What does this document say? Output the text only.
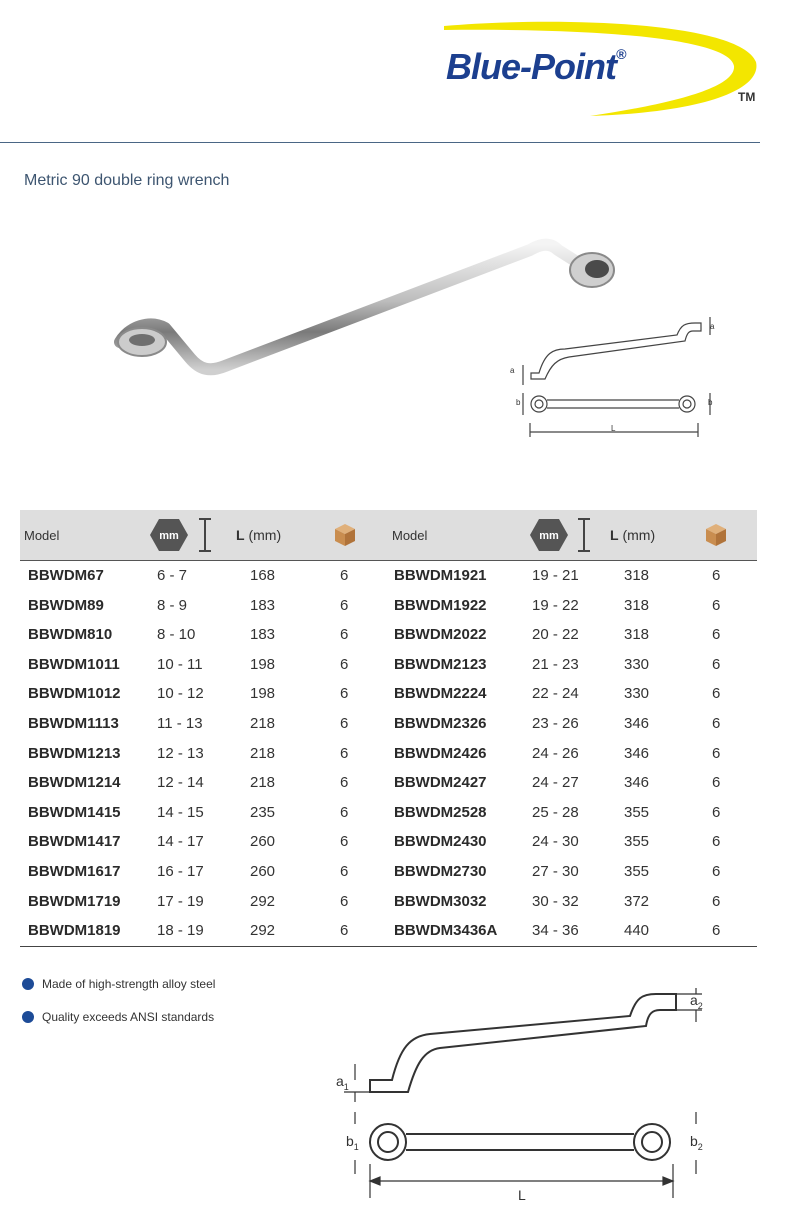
Blue-Point®
TM
Metric 90 double ring wrench
a
a
b	b
L
Model	mm	L
(mm)	Model	mm	L
(mm)
BBWDM67	6 - 7	168	6	BBWDM1921	19 - 21	318	6
BBWDM89	8 - 9	183	6	BBWDM1922	19 - 22	318	6
BBWDM810	8 - 10	183	6	BBWDM2022	20 - 22	318	6
BBWDM1011 10 - 11	198	6	BBWDM2123	21 - 23	330	6
BBWDM1012 10 - 12	198	6	BBWDM2224	22 - 24	330	6
BBWDM1113	11 - 13	218	6	BBWDM2326	23 - 26	346	6
BBWDM1213 12 - 13	218	6	BBWDM2426	24 - 26	346	6
BBWDM1214 12 - 14	218	6	BBWDM2427	24 - 27	346	6
BBWDM1415 14 - 15	235	6	BBWDM2528	25 - 28	355	6
BBWDM1417 14 - 17	260	6	BBWDM2430	24 - 30	355	6
BBWDM1617 16 - 17	260	6	BBWDM2730	27 - 30	355	6
BBWDM1719 17 - 19	292	6	BBWDM3032	30 - 32	372	6
BBWDM1819 18 - 19	292	6	BBWDM3436A 34 - 36	440	6
Made of high-strength alloy steel
Quality exceeds ANSI standards
$a_1$
$a_2$
$b_1$	$b_2$
L
